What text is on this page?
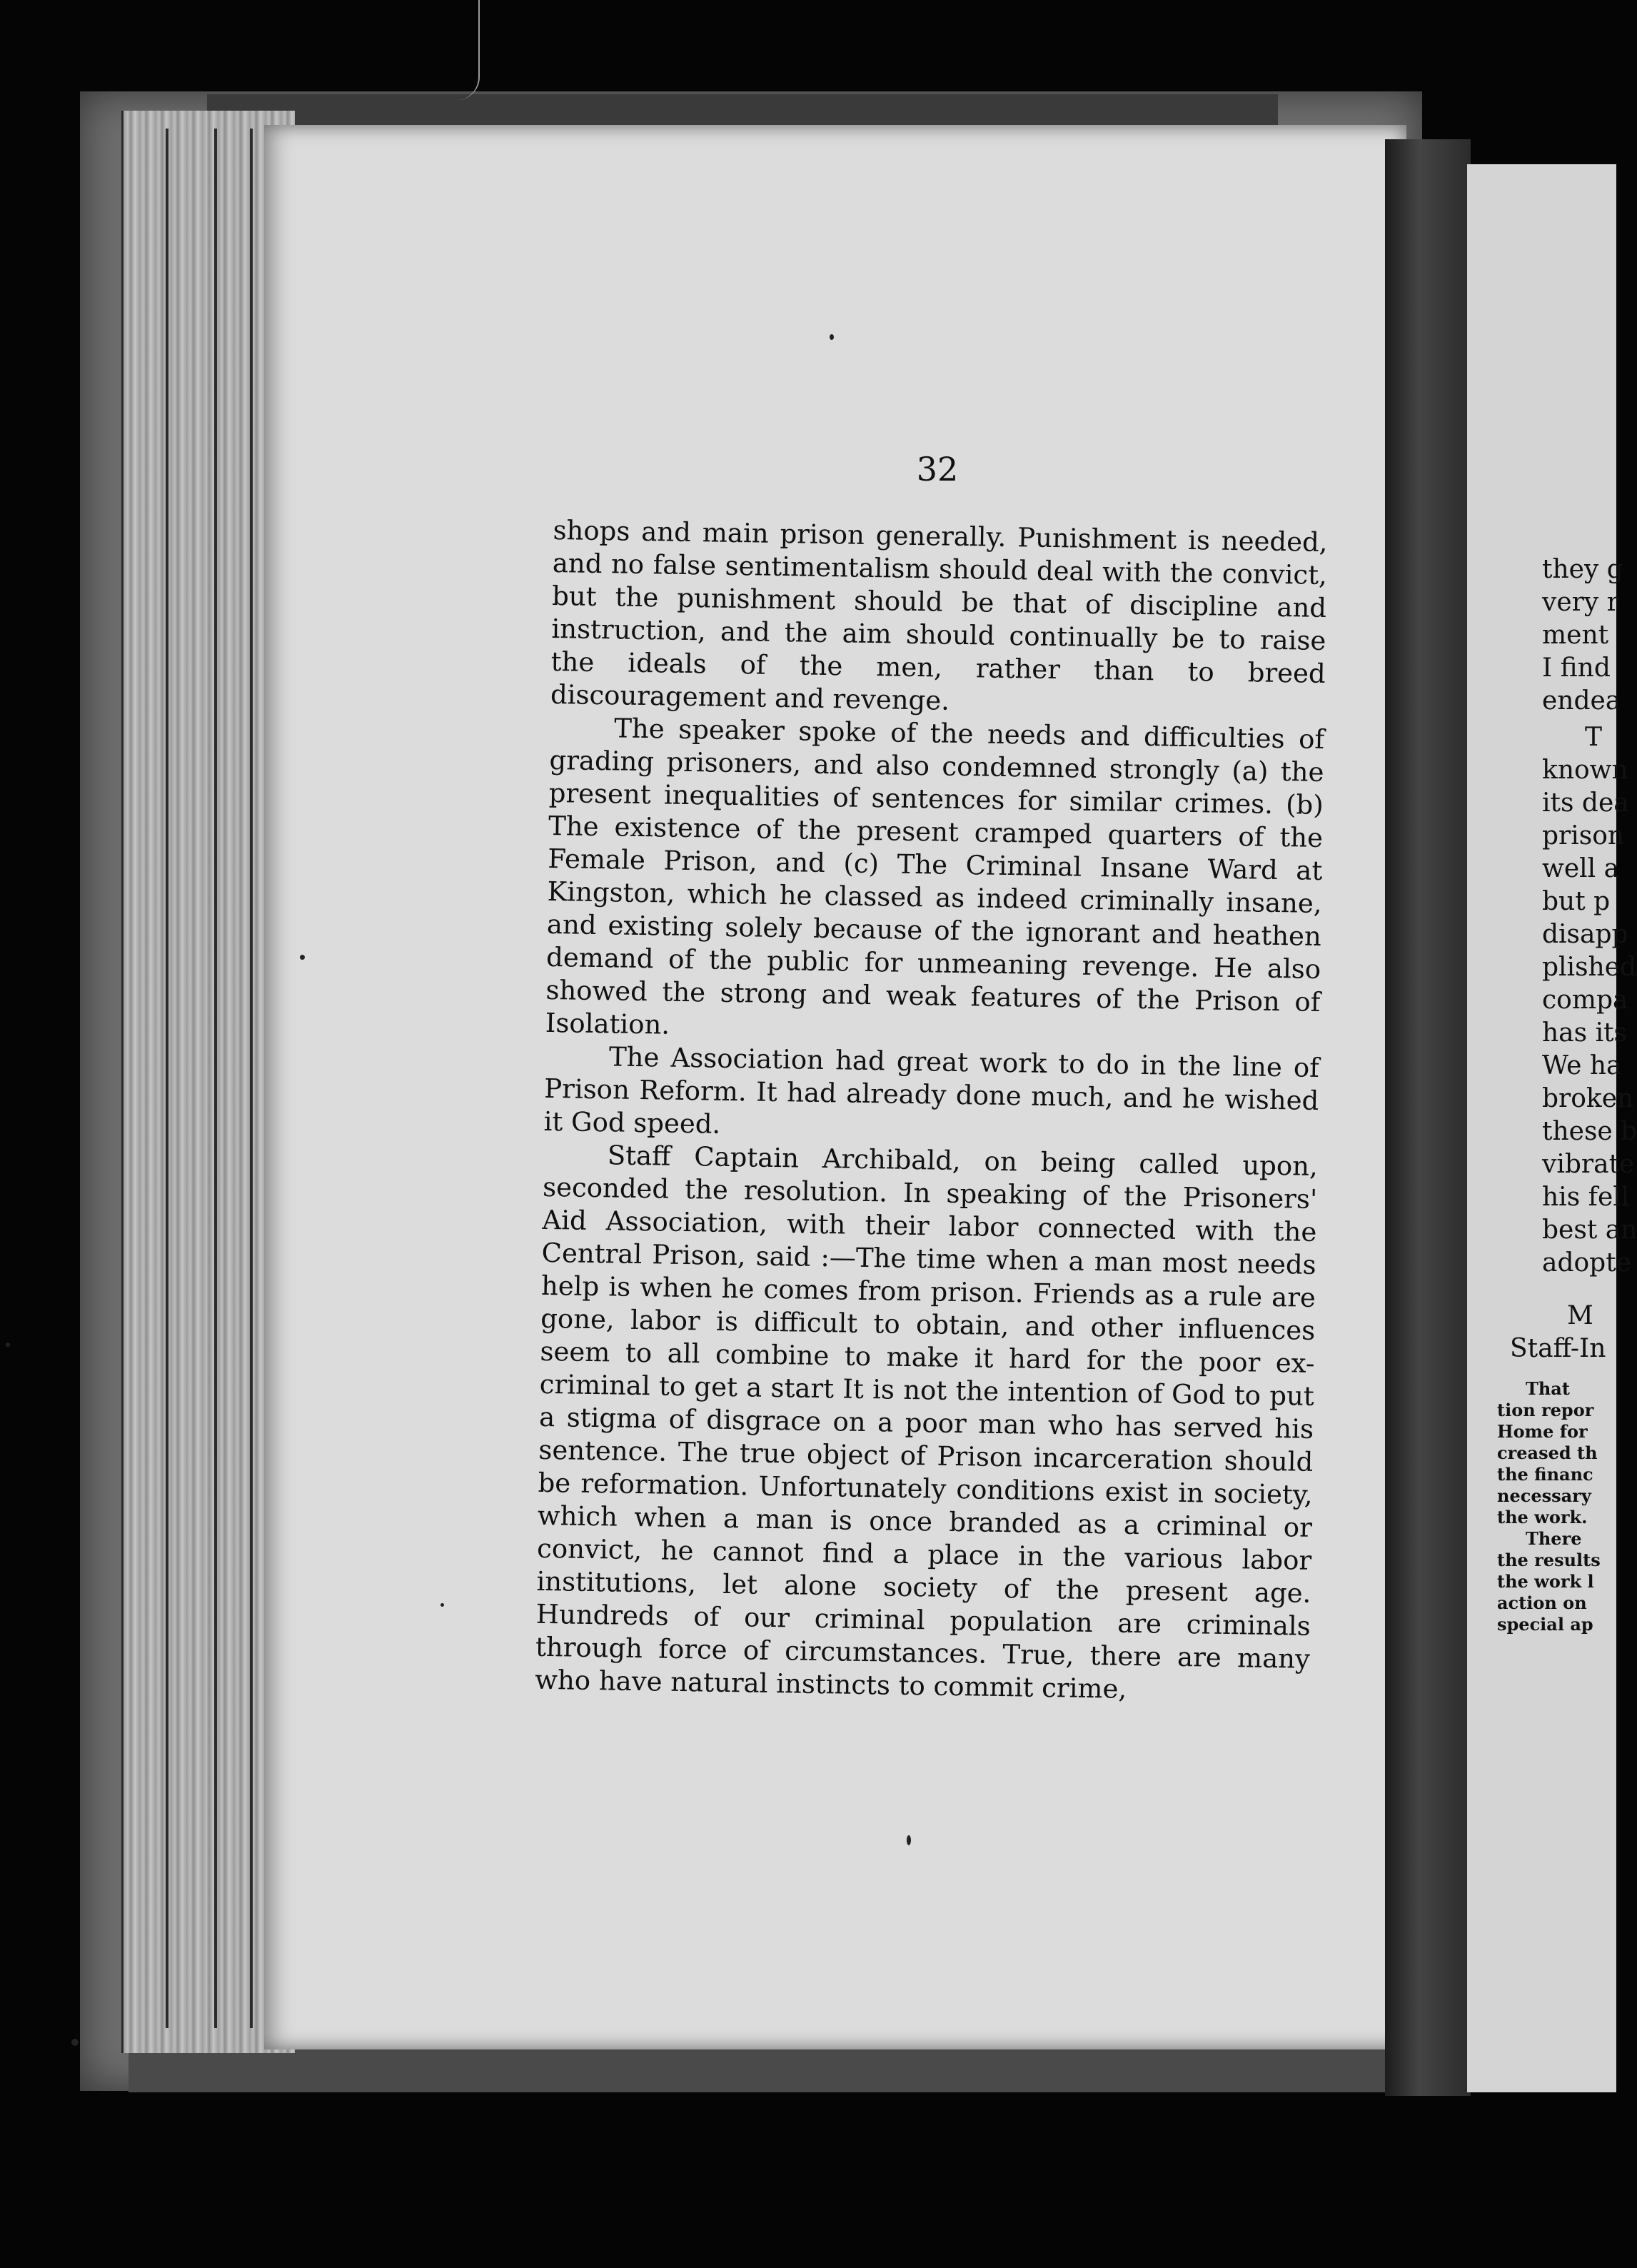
they g
very r
ment
I find
endea
T
known
its dea
prison
well a
but p
disapp
plished
compa
has its
We ha
broken
these b
vibrate
his fell
best an
adopte
M
Staff-In
That
tion repor
Home for
creased th
the financ
necessary
the work.
There
the results
the work l
action on
special ap
32

shops and main prison generally. Punishment is needed, and no false sentimentalism should deal with the convict, but the punishment should be that of discipline and instruction, and the aim should continually be to raise the ideals of the men, rather than to breed discouragement and revenge.

The speaker spoke of the needs and difficulties of grading prisoners, and also condemned strongly (a) the present inequalities of sentences for similar crimes. (b) The existence of the present cramped quarters of the Female Prison, and (c) The Criminal Insane Ward at Kingston, which he classed as indeed criminally insane, and existing solely because of the ignorant and heathen demand of the public for unmeaning revenge. He also showed the strong and weak features of the Prison of Isolation.

The Association had great work to do in the line of Prison Reform. It had already done much, and he wished it God speed.

Staff Captain Archibald, on being called upon, seconded the resolution. In speaking of the Prisoners' Aid Association, with their labor connected with the Central Prison, said :—The time when a man most needs help is when he comes from prison. Friends as a rule are gone, labor is difficult to obtain, and other influences seem to all combine to make it hard for the poor ex-criminal to get a start It is not the intention of God to put a stigma of disgrace on a poor man who has served his sentence. The true object of Prison incarceration should be reformation. Unfortunately conditions exist in society, which when a man is once branded as a criminal or convict, he cannot find a place in the various labor institutions, let alone society of the present age. Hundreds of our criminal population are criminals through force of circumstances. True, there are many who have natural instincts to commit crime,
